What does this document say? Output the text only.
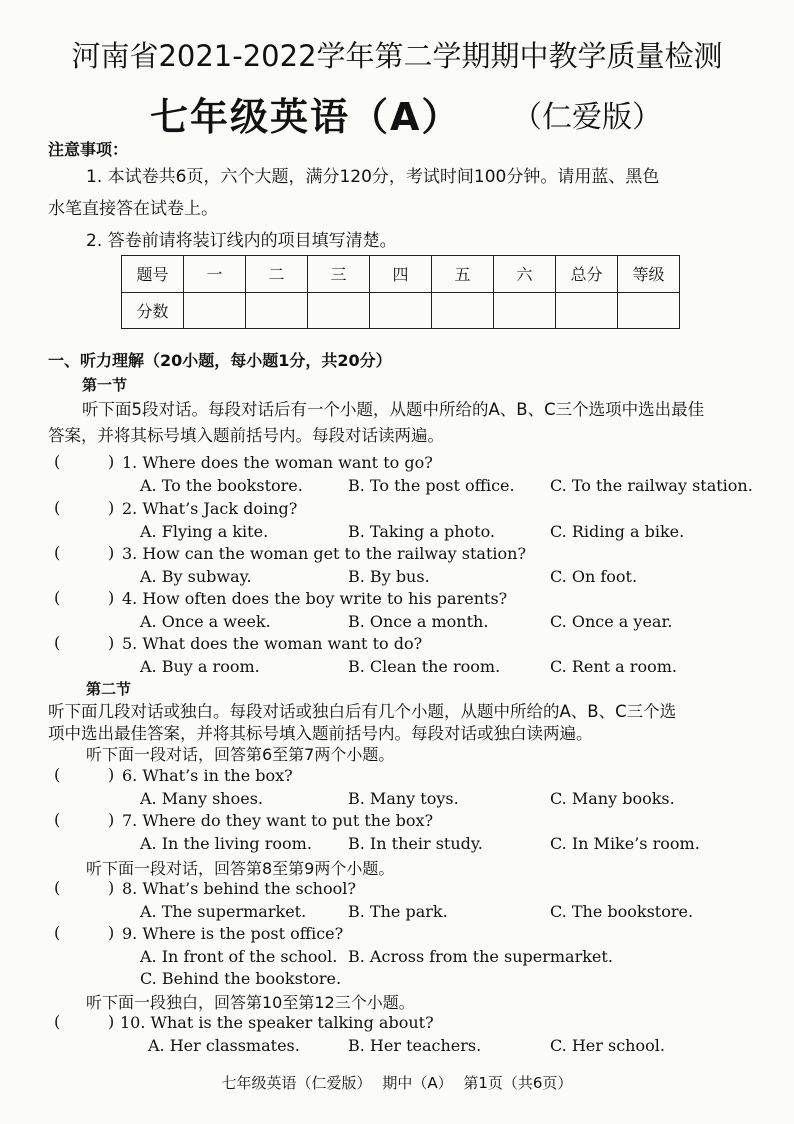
河南省2021-2022学年第二学期期中教学质量检测
七年级英语（A） （仁爱版）
注意事项：
1. 本试卷共6页，六个大题，满分120分，考试时间100分钟。请用蓝、黑色
水笔直接答在试卷上。
2. 答卷前请将装订线内的项目填写清楚。
题号	一	二	三	四	五	六	总分	等级
分数								
一、听力理解（20小题，每小题1分，共20分）
第一节
听下面5段对话。每段对话后有一个小题，从题中所给的A、B、C三个选项中选出最佳
答案，并将其标号填入题前括号内。每段对话读两遍。
(	) 1. Where does the woman want to go?
A. To the bookstore.	B. To the post office. C. To the railway station.
(	) 2. What’s Jack doing?
A. Flying a kite.	B. Taking a photo.	C. Riding a bike.
(	) 3. How can the woman get to the railway station?
A. By subway.	B. By bus.	C. On foot.
(	) 4. How often does the boy write to his parents?
A. Once a week.	B. Once a month.	C. Once a year.
(	) 5. What does the woman want to do?
A. Buy a room.	B. Clean the room.	C. Rent a room.
第二节
听下面几段对话或独白。每段对话或独白后有几个小题，从题中所给的A、B、C三个选
项中选出最佳答案，并将其标号填入题前括号内。每段对话或独白读两遍。
听下面一段对话，回答第6至第7两个小题。
(	) 6. What’s in the box?
A. Many shoes.	B. Many toys.	C. Many books.
(	) 7. Where do they want to put the box?
A. In the living room. B. In their study.	C. In Mike’s room.
听下面一段对话，回答第8至第9两个小题。
(	) 8. What’s behind the school?
A. The supermarket.	B. The park.	C. The bookstore.
(	) 9. Where is the post office?
A. In front of the school. B. Across from the supermarket.
C. Behind the bookstore.
听下面一段独白，回答第10至第12三个小题。
(	) 10. What is the speaker talking about?
A. Her classmates.	B. Her teachers.	C. Her school.
七年级英语（仁爱版） 期中（A） 第1页（共6页）
